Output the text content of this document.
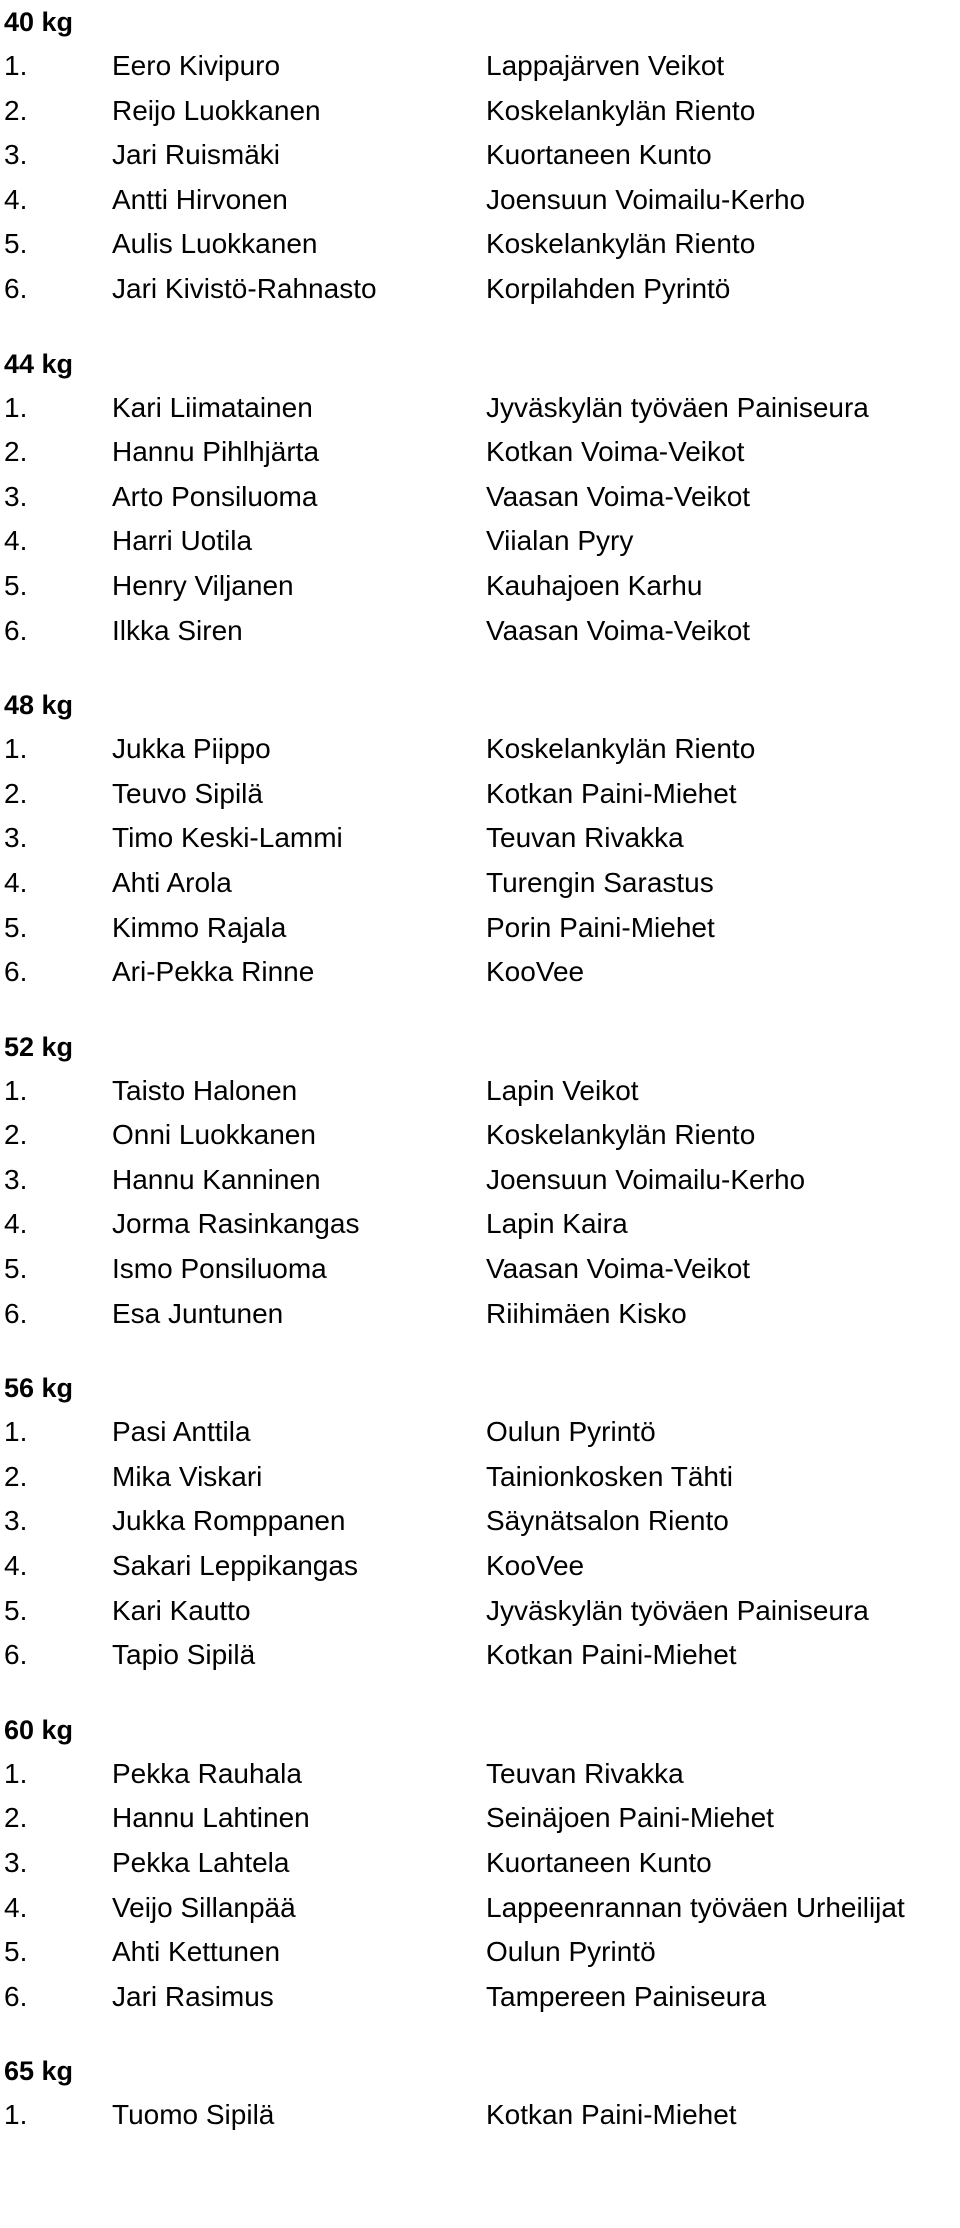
40 kg
1.	Eero Kivipuro	Lappajärven Veikot
2.	Reijo Luokkanen	Koskelankylän Riento
3.	Jari Ruismäki	Kuortaneen Kunto
4.	Antti Hirvonen	Joensuun Voimailu-Kerho
5.	Aulis Luokkanen	Koskelankylän Riento
6.	Jari Kivistö-Rahnasto	Korpilahden Pyrintö
44 kg
1.	Kari Liimatainen	Jyväskylän työväen Painiseura
2.	Hannu Pihlhjärta	Kotkan Voima-Veikot
3.	Arto Ponsiluoma	Vaasan Voima-Veikot
4.	Harri Uotila	Viialan Pyry
5.	Henry Viljanen	Kauhajoen Karhu
6.	Ilkka Siren	Vaasan Voima-Veikot
48 kg
1.	Jukka Piippo	Koskelankylän Riento
2.	Teuvo Sipilä	Kotkan Paini-Miehet
3.	Timo Keski-Lammi	Teuvan Rivakka
4.	Ahti Arola	Turengin Sarastus
5.	Kimmo Rajala	Porin Paini-Miehet
6.	Ari-Pekka Rinne	KooVee
52 kg
1.	Taisto Halonen	Lapin Veikot
2.	Onni Luokkanen	Koskelankylän Riento
3.	Hannu Kanninen	Joensuun Voimailu-Kerho
4.	Jorma Rasinkangas	Lapin Kaira
5.	Ismo Ponsiluoma	Vaasan Voima-Veikot
6.	Esa Juntunen	Riihimäen Kisko
56 kg
1.	Pasi Anttila	Oulun Pyrintö
2.	Mika Viskari	Tainionkosken Tähti
3.	Jukka Romppanen	Säynätsalon Riento
4.	Sakari Leppikangas	KooVee
5.	Kari Kautto	Jyväskylän työväen Painiseura
6.	Tapio Sipilä	Kotkan Paini-Miehet
60 kg
1.	Pekka Rauhala	Teuvan Rivakka
2.	Hannu Lahtinen	Seinäjoen Paini-Miehet
3.	Pekka Lahtela	Kuortaneen Kunto
4.	Veijo Sillanpää	Lappeenrannan työväen Urheilijat
5.	Ahti Kettunen	Oulun Pyrintö
6.	Jari Rasimus	Tampereen Painiseura
65 kg
1.	Tuomo Sipilä	Kotkan Paini-Miehet
